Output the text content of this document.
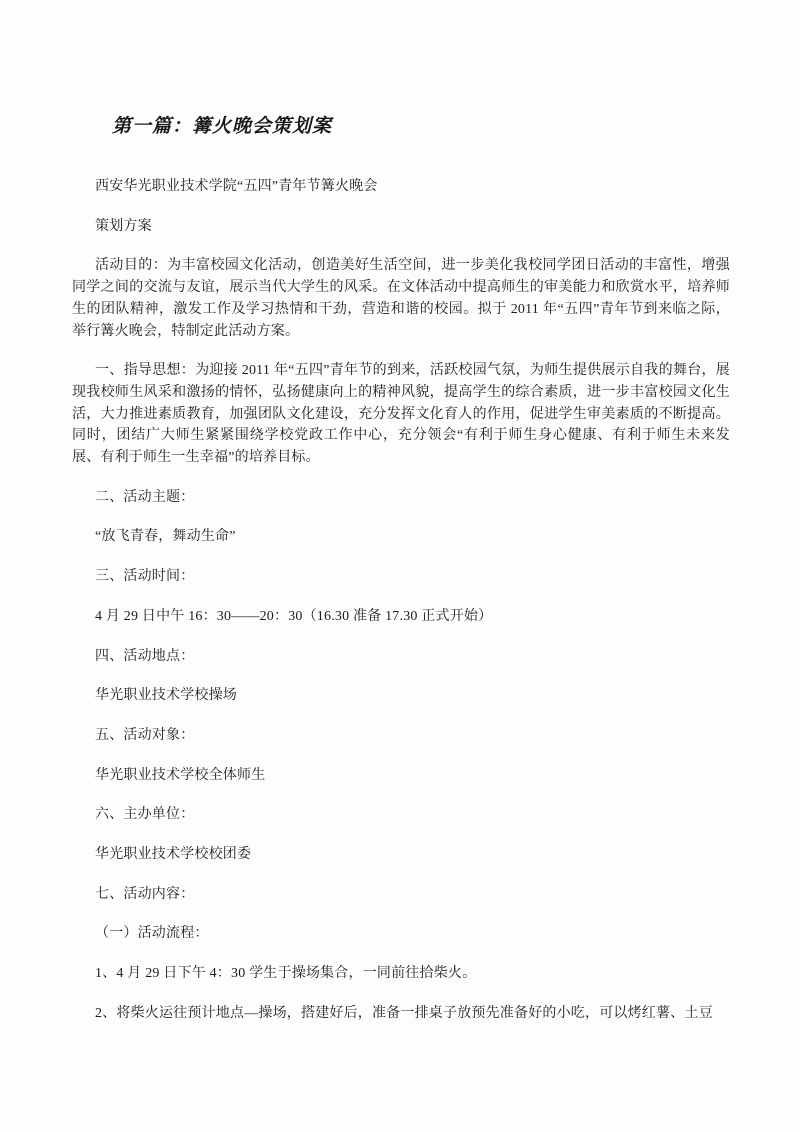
第一篇：篝火晚会策划案

西安华光职业技术学院“五四”青年节篝火晚会

策划方案

活动目的：为丰富校园文化活动，创造美好生活空间，进一步美化我校同学团日活动的丰富性，增强同学之间的交流与友谊，展示当代大学生的风采。在文体活动中提高师生的审美能力和欣赏水平，培养师生的团队精神，激发工作及学习热情和干劲，营造和谐的校园。拟于 2011 年“五四”青年节到来临之际，举行篝火晚会，特制定此活动方案。

一、指导思想：为迎接 2011 年“五四”青年节的到来，活跃校园气氛，为师生提供展示自我的舞台，展现我校师生风采和激扬的情怀，弘扬健康向上的精神风貌，提高学生的综合素质，进一步丰富校园文化生活，大力推进素质教育，加强团队文化建设，充分发挥文化育人的作用，促进学生审美素质的不断提高。同时，团结广大师生紧紧围绕学校党政工作中心，充分领会“有利于师生身心健康、有利于师生未来发展、有利于师生一生幸福”的培养目标。

二、活动主题：

“放飞青春，舞动生命”

三、活动时间：

4 月 29 日中午 16：30——20：30（16.30 准备 17.30 正式开始）

四、活动地点：

华光职业技术学校操场

五、活动对象：

华光职业技术学校全体师生

六、主办单位：

华光职业技术学校校团委

七、活动内容：

（一）活动流程：

1、4 月 29 日下午 4：30 学生于操场集合，一同前往拾柴火。

2、将柴火运往预计地点—操场，搭建好后，准备一排桌子放预先准备好的小吃，可以烤红薯、土豆
